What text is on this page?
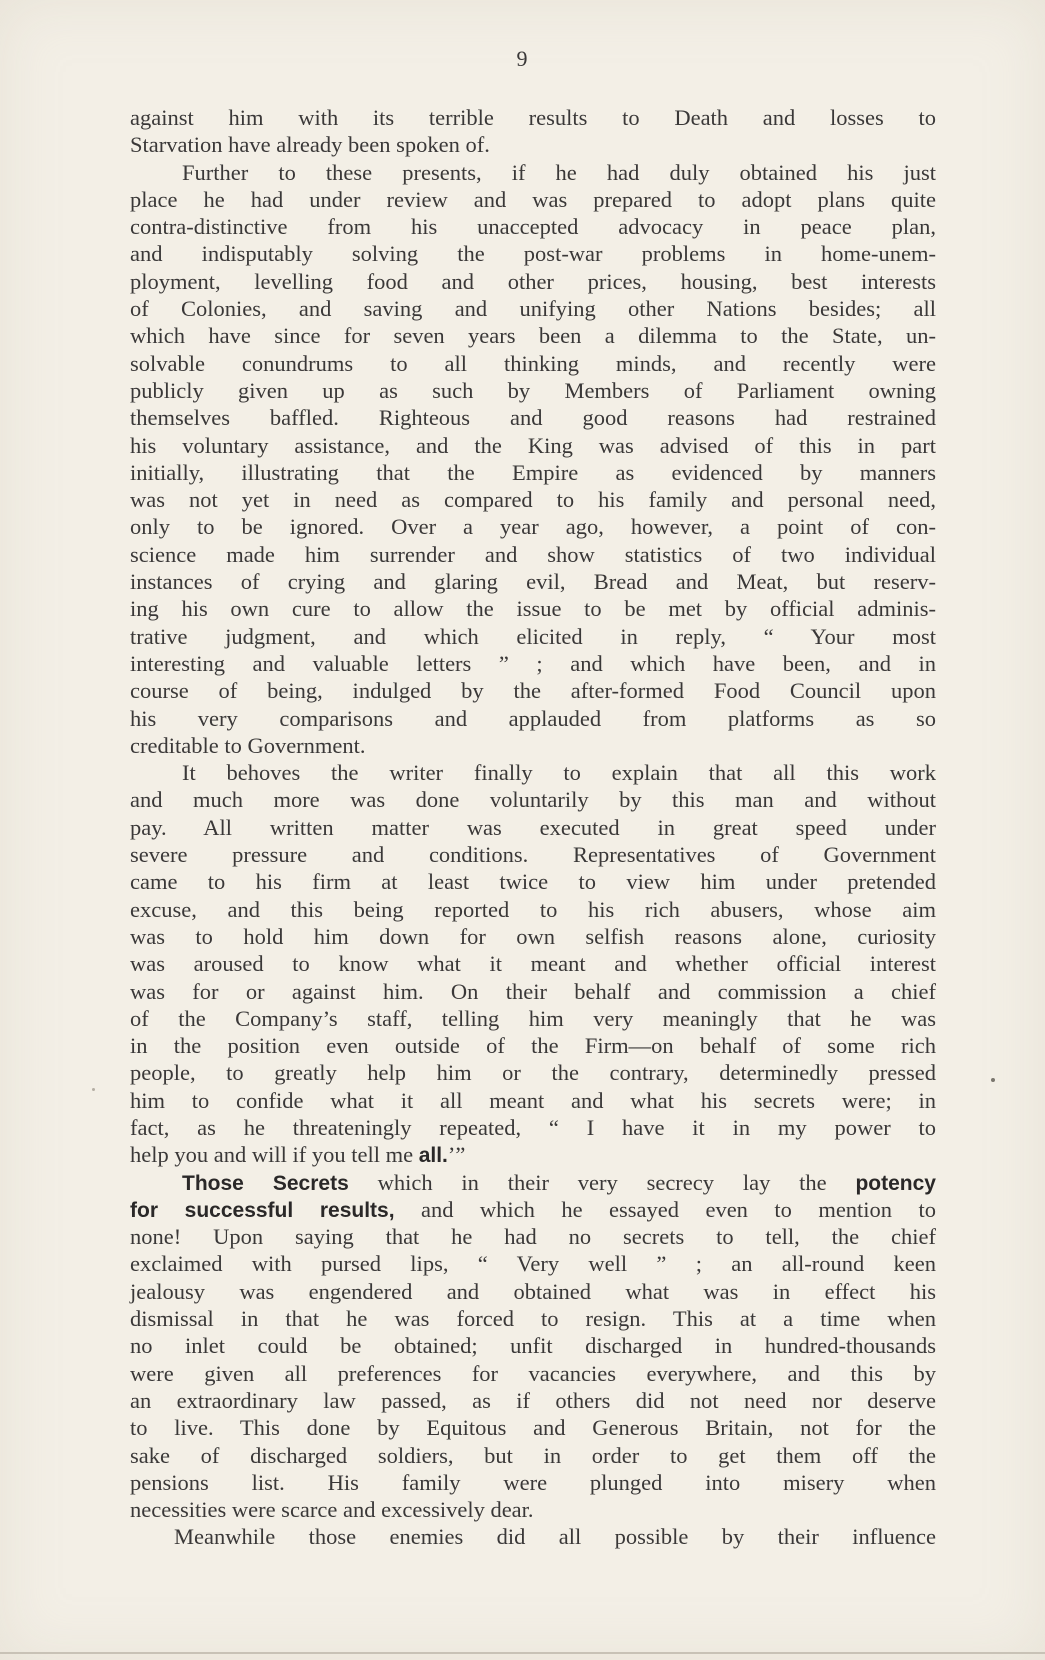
9
against him with its terrible results to Death and losses to
Starvation have already been spoken of.
Further to these presents, if he had duly obtained his just
place he had under review and was prepared to adopt plans quite
contra-distinctive from his unaccepted advocacy in peace plan,
and indisputably solving the post-war problems in home-unem-
ployment, levelling food and other prices, housing, best interests
of Colonies, and saving and unifying other Nations besides; all
which have since for seven years been a dilemma to the State, un-
solvable conundrums to all thinking minds, and recently were
publicly given up as such by Members of Parliament owning
themselves baffled. Righteous and good reasons had restrained
his voluntary assistance, and the King was advised of this in part
initially, illustrating that the Empire as evidenced by manners
was not yet in need as compared to his family and personal need,
only to be ignored. Over a year ago, however, a point of con-
science made him surrender and show statistics of two individual
instances of crying and glaring evil, Bread and Meat, but reserv-
ing his own cure to allow the issue to be met by official adminis-
trative judgment, and which elicited in reply, “ Your most
interesting and valuable letters ” ; and which have been, and in
course of being, indulged by the after-formed Food Council upon
his very comparisons and applauded from platforms as so
creditable to Government.
It behoves the writer finally to explain that all this work
and much more was done voluntarily by this man and without
pay. All written matter was executed in great speed under
severe pressure and conditions. Representatives of Government
came to his firm at least twice to view him under pretended
excuse, and this being reported to his rich abusers, whose aim
was to hold him down for own selfish reasons alone, curiosity
was aroused to know what it meant and whether official interest
was for or against him. On their behalf and commission a chief
of the Company’s staff, telling him very meaningly that he was
in the position even outside of the Firm—on behalf of some rich
people, to greatly help him or the contrary, determinedly pressed
him to confide what it all meant and what his secrets were; in
fact, as he threateningly repeated, “ I have it in my power to
help you and will if you tell me all.’”
Those Secrets which in their very secrecy lay the potency
for successful results, and which he essayed even to mention to
none! Upon saying that he had no secrets to tell, the chief
exclaimed with pursed lips, “ Very well ” ; an all-round keen
jealousy was engendered and obtained what was in effect his
dismissal in that he was forced to resign. This at a time when
no inlet could be obtained; unfit discharged in hundred-thousands
were given all preferences for vacancies everywhere, and this by
an extraordinary law passed, as if others did not need nor deserve
to live. This done by Equitous and Generous Britain, not for the
sake of discharged soldiers, but in order to get them off the
pensions list. His family were plunged into misery when
necessities were scarce and excessively dear.
Meanwhile those enemies did all possible by their influence
